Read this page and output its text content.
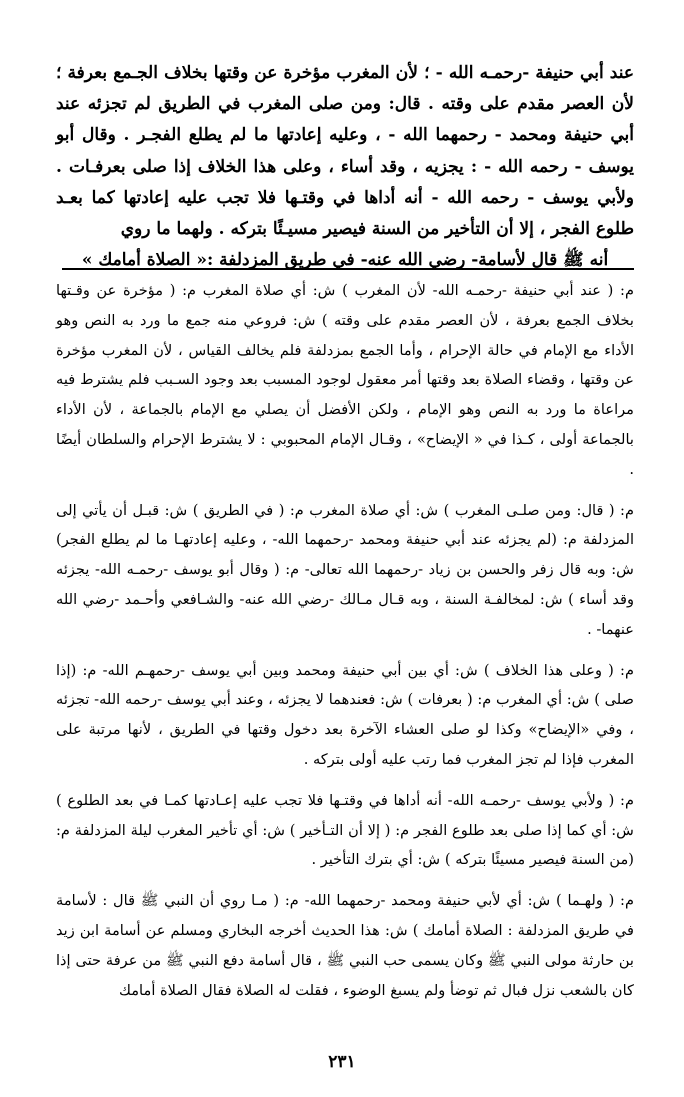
عند أبي حنيفة -رحمـه الله - ؛ لأن المغرب مؤخرة عن وقتها بخلاف الجـمع بعرفة ؛ لأن العصر مقدم على وقته . قال: ومن صلى المغرب في الطريق لم تجزئه عند أبي حنيفة ومحمد - رحمهما الله - ، وعليه إعادتها ما لم يطلع الفجـر . وقال أبو يوسف - رحمه الله - : يجزيه ، وقد أساء ، وعلى هذا الخلاف إذا صلى بعرفـات . ولأبي يوسف - رحمه الله - أنه أداها في وقتـها فلا تجب عليه إعادتها كما بعـد طلوع الفجر ، إلا أن التأخير من السنة فيصير مسيـئًا بتركه . ولهما ما روي
أنه ﷺ قال لأسامة- رضي الله عنه- في طريق المزدلفة :« الصلاة أمامك »

م: ( عند أبي حنيفة -رحمـه الله- لأن المغرب ) ش: أي صلاة المغرب م: ( مؤخرة عن وقـتها بخلاف الجمع بعرفة ، لأن العصر مقدم على وقته ) ش: فروعي منه جمع ما ورد به النص وهو الأداء مع الإمام في حالة الإحرام ، وأما الجمع بمزدلفة فلم يخالف القياس ، لأن المغرب مؤخرة عن وقتها ، وقضاء الصلاة بعد وقتها أمر معقول لوجود المسبب بعد وجود السـبب فلم يشترط فيه مراعاة ما ورد به النص وهو الإمام ، ولكن الأفضل أن يصلي مع الإمام بالجماعة ، لأن الأداء بالجماعة أولى ، كـذا في « الإيضاح» ، وقـال الإمام المحبوبي : لا يشترط الإحرام والسلطان أيضًا .

م: ( قال: ومن صلـى المغرب ) ش: أي صلاة المغرب م: ( في الطريق ) ش: قبـل أن يأتي إلى المزدلفة م: (لم يجزئه عند أبي حنيفة ومحمد -رحمهما الله- ، وعليه إعادتهـا ما لم يطلع الفجر) ش: وبه قال زفر والحسن بن زياد -رحمهما الله تعالى- م: ( وقال أبو يوسف -رحمـه الله- يجزئه وقد أساء ) ش: لمخالفـة السنة ، وبه قـال مـالك -رضي الله عنه- والشـافعي وأحـمد -رضي الله عنهما- .

م: ( وعلى هذا الخلاف ) ش: أي بين أبي حنيفة ومحمد وبين أبي يوسف -رحمهـم الله- م: (إذا صلى ) ش: أي المغرب م: ( بعرفات ) ش: فعندهما لا يجزئه ، وعند أبي يوسف -رحمه الله- تجزئه ، وفي «الإيضاح» وكذا لو صلى العشاء الآخرة بعد دخول وقتها في الطريق ، لأنها مرتبة على المغرب فإذا لم تجز المغرب فما رتب عليه أولى بتركه .

م: ( ولأبي يوسف -رحمـه الله- أنه أداها في وقتـها فلا تجب عليه إعـادتها كمـا في بعد الطلوع ) ش: أي كما إذا صلى بعد طلوع الفجر م: ( إلا أن التـأخير ) ش: أي تأخير المغرب ليلة المزدلفة م: (من السنة فيصير مسيئًا بتركه ) ش: أي بترك التأخير .

م: ( ولهـما ) ش: أي لأبي حنيفة ومحمد -رحمهما الله- م: ( مـا روي أن النبي ﷺ قال : لأسامة في طريق المزدلفة : الصلاة أمامك ) ش: هذا الحديث أخرجه البخاري ومسلم عن أسامة ابن زيد بن حارثة مولى النبي ﷺ وكان يسمى حب النبي ﷺ ، قال أسامة دفع النبي ﷺ من عرفة حتى إذا كان بالشعب نزل فبال ثم توضأ ولم يسبغ الوضوء ، فقلت له الصلاة فقال الصلاة أمامك

٢٣١
